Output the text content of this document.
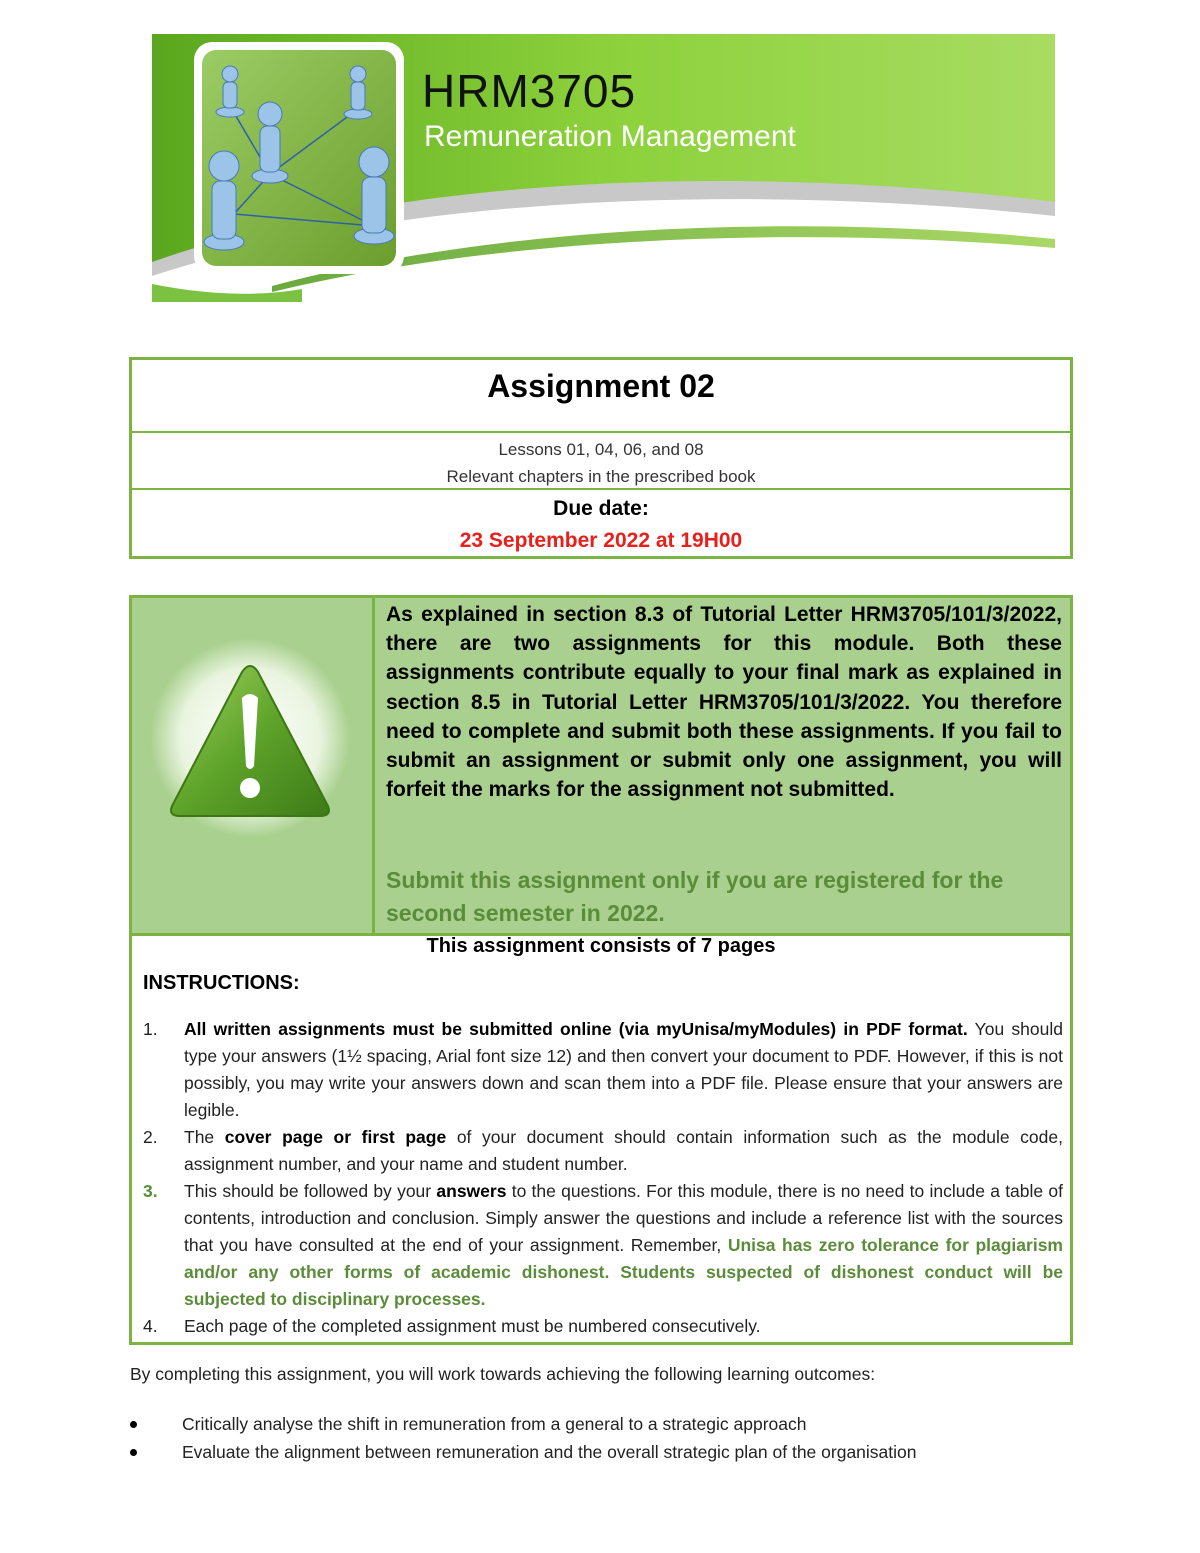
HRM3705
Remuneration Management
Assignment 02
Lessons 01, 04, 06, and 08
Relevant chapters in the prescribed book
Due date:
23 September 2022 at 19H00
As explained in section 8.3 of Tutorial Letter HRM3705/101/3/2022, there are two assignments for this module. Both these assignments contribute equally to your final mark as explained in section 8.5 in Tutorial Letter HRM3705/101/3/2022. You therefore need to complete and submit both these assignments. If you fail to submit an assignment or submit only one assignment, you will forfeit the marks for the assignment not submitted.
Submit this assignment only if you are registered for the second semester in 2022.
This assignment consists of 7 pages
INSTRUCTIONS:
1. All written assignments must be submitted online (via myUnisa/myModules) in PDF format. You should type your answers (1½ spacing, Arial font size 12) and then convert your document to PDF. However, if this is not possibly, you may write your answers down and scan them into a PDF file. Please ensure that your answers are legible.
2. The cover page or first page of your document should contain information such as the module code, assignment number, and your name and student number.
3. This should be followed by your answers to the questions. For this module, there is no need to include a table of contents, introduction and conclusion. Simply answer the questions and include a reference list with the sources that you have consulted at the end of your assignment. Remember, Unisa has zero tolerance for plagiarism and/or any other forms of academic dishonest. Students suspected of dishonest conduct will be subjected to disciplinary processes.
4. Each page of the completed assignment must be numbered consecutively.
By completing this assignment, you will work towards achieving the following learning outcomes:
Critically analyse the shift in remuneration from a general to a strategic approach
Evaluate the alignment between remuneration and the overall strategic plan of the organisation
